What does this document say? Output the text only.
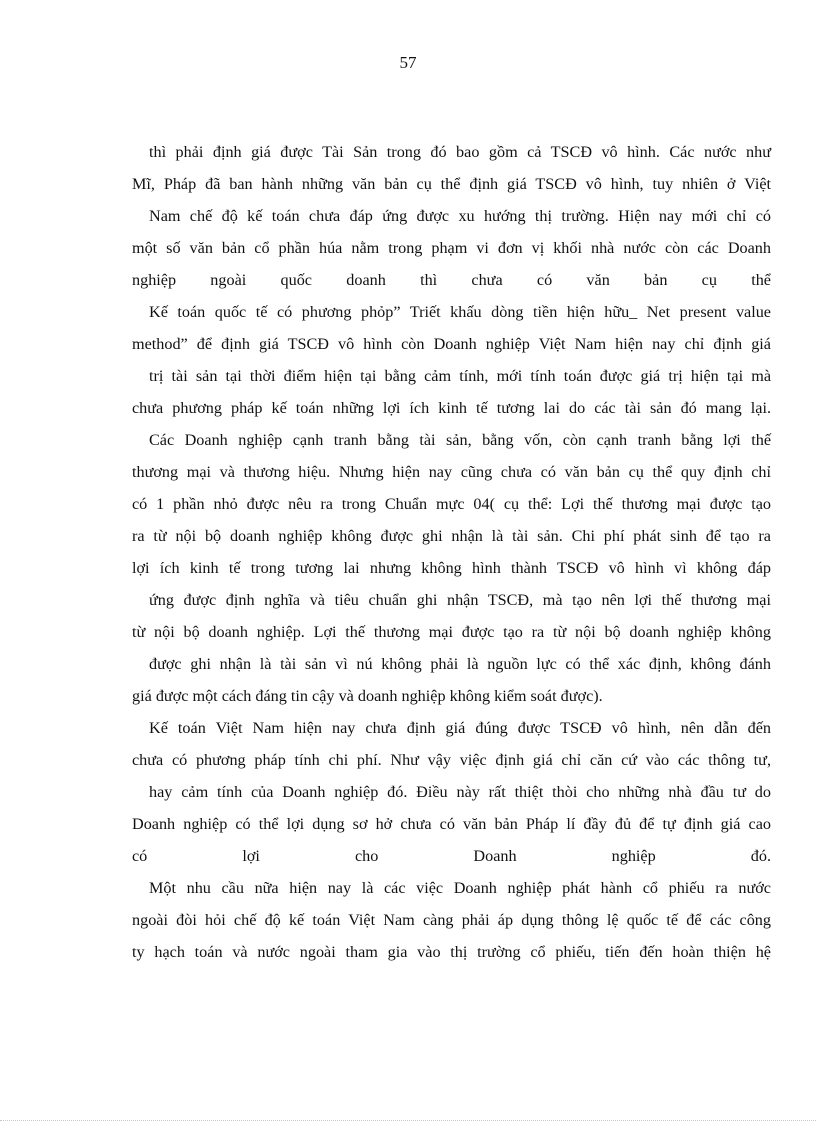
57
thì phải định giá được Tài Sản trong đó bao gồm cả TSCĐ vô hình. Các nước như
Mĩ, Pháp đã ban hành những văn bản cụ thể định giá TSCĐ vô hình, tuy nhiên ở Việt
Nam chế độ kế toán chưa đáp ứng được xu hướng thị trường. Hiện nay mới chỉ có
một số văn bản cổ phần húa nằm trong phạm vi đơn vị khối nhà nước còn các Doanh
nghiệp ngoài quốc doanh thì chưa có văn bản cụ thể
Kế toán quốc tế có phương phỏp” Triết khấu dòng tiền hiện hữu_ Net present value
method” để định giá TSCĐ vô hình còn Doanh nghiệp Việt Nam hiện nay chỉ định giá
trị tài sản tại thời điểm hiện tại bằng cảm tính, mới tính toán được giá trị hiện tại mà
chưa phương pháp kế toán những lợi ích kinh tế tương lai do các tài sản đó mang lại.
Các Doanh nghiệp cạnh tranh bằng tài sản, bằng vốn, còn cạnh tranh bằng lợi thế
thương mại và thương hiệu. Nhưng hiện nay cũng chưa có văn bản cụ thể quy định chỉ
có 1 phần nhỏ được nêu ra trong Chuẩn mực 04( cụ thể: Lợi thế thương mại được tạo
ra từ nội bộ doanh nghiệp không được ghi nhận là tài sản. Chi phí phát sinh để tạo ra
lợi ích kinh tế trong tương lai nhưng không hình thành TSCĐ vô hình vì không đáp
ứng được định nghĩa và tiêu chuẩn ghi nhận TSCĐ, mà tạo nên lợi thế thương mại
từ nội bộ doanh nghiệp. Lợi thế thương mại được tạo ra từ nội bộ doanh nghiệp không
được ghi nhận là tài sản vì nú không phải là nguồn lực có thể xác định, không đánh
giá được một cách đáng tin cậy và doanh nghiệp không kiểm soát được).
Kế toán Việt Nam hiện nay chưa định giá đúng được TSCĐ vô hình, nên dẫn đến
chưa có phương pháp tính chi phí. Như vậy việc định giá chỉ căn cứ vào các thông tư,
hay cảm tính của Doanh nghiệp đó. Điều này rất thiệt thòi cho những nhà đầu tư do
Doanh nghiệp có thể lợi dụng sơ hở chưa có văn bản Pháp lí đầy đủ để tự định giá cao
có lợi cho Doanh nghiệp đó.
Một nhu cầu nữa hiện nay là các việc Doanh nghiệp phát hành cổ phiếu ra nước
ngoài đòi hỏi chế độ kế toán Việt Nam càng phải áp dụng thông lệ quốc tế để các công
ty hạch toán và nước ngoài tham gia vào thị trường cổ phiếu, tiến đến hoàn thiện hệ
